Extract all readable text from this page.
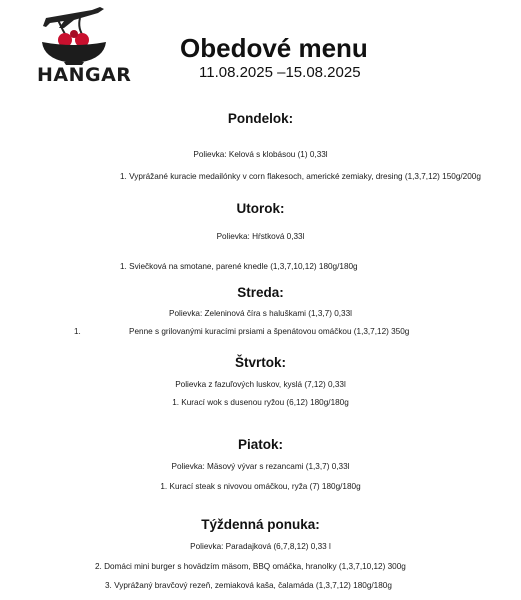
HANGAR
Obedové menu
11.08.2025 –15.08.2025
Pondelok:
Polievka: Kelová s klobásou (1) 0,33l
1. Vyprážané kuracie medailónky v corn flakesoch, americké zemiaky, dresing (1,3,7,12) 150g/200g
Utorok:
Polievka: Hŕstková 0,33l
1. Sviečková na smotane, parené knedle (1,3,7,10,12) 180g/180g
Streda:
Polievka: Zeleninová číra s haluškami (1,3,7) 0,33l
1.	Penne s grilovanými kuracími prsiami a špenátovou omáčkou (1,3,7,12) 350g
Štvrtok:
Polievka z fazuľových luskov, kyslá (7,12) 0,33l
1. Kurací wok s dusenou ryžou (6,12) 180g/180g
Piatok:
Polievka: Mäsový vývar s rezancami (1,3,7) 0,33l
1. Kurací steak s nivovou omáčkou, ryža (7) 180g/180g
Týždenná ponuka:
Polievka: Paradajková (6,7,8,12) 0,33 l
2. Domáci mini burger s hovädzím mäsom, BBQ omáčka, hranolky (1,3,7,10,12) 300g
3. Vyprážaný bravčový rezeň, zemiaková kaša, čalamáda (1,3,7,12) 180g/180g
